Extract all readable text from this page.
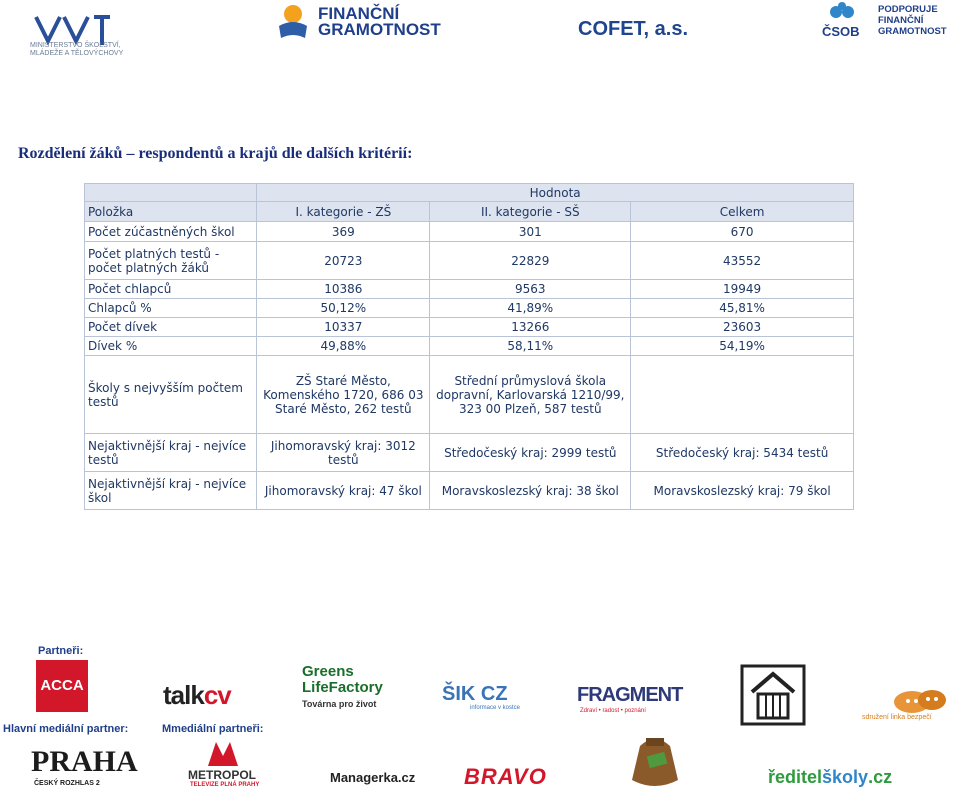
MINISTERSTVO ŠKOLSTVÍ, MLÁDEŽE A TĚLOVÝCHOVY
FINANČNÍ
GRAMOTNOST	COFET, a.s.	ČSOB
PODPORUJE
FINANČNÍ
GRAMOTNOST
Rozdělení žáků – respondentů a krajů dle dalších kritérií:
	Hodnota		
Položka	I. kategorie - ZŠ	II. kategorie - SŠ	Celkem
Počet zúčastněných škol	369	301	670
Počet platných testů - počet platných žáků	20723	22829	43552
Počet chlapců	10386	9563	19949
Chlapců %	50,12%	41,89%	45,81%
Počet dívek	10337	13266	23603
Dívek %	49,88%	58,11%	54,19%
Školy s nejvyšším počtem testů	ZŠ Staré Město, Komenského 1720, 686 03 Staré Město, 262 testů	Střední průmyslová škola dopravní, Karlovarská 1210/99, 323 00 Plzeň, 587 testů	
Nejaktivnější kraj - nejvíce testů	Jihomoravský kraj: 3012 testů	Středočeský kraj: 2999 testů	Středočeský kraj: 5434 testů
Nejaktivnější kraj - nejvíce škol	Jihomoravský kraj: 47 škol	Moravskoslezský kraj: 38 škol	Moravskoslezský kraj: 79 škol
Partneři:
ACCA	talkcv
Greens
LifeFactory
Továrna pro život	ŠIK CZ
informace v kostce
FRAGMENT
Zdraví • radost • poznání
sdružení linka bezpečí
Hlavní mediální partner:	Mmediální partneři:
PRAHA
ČESKÝ ROZHLAS 2
METROPOL
TELEVIZE PLNÁ PRAHY	Managerka.cz BRAVO	ředitelškoly.cz
